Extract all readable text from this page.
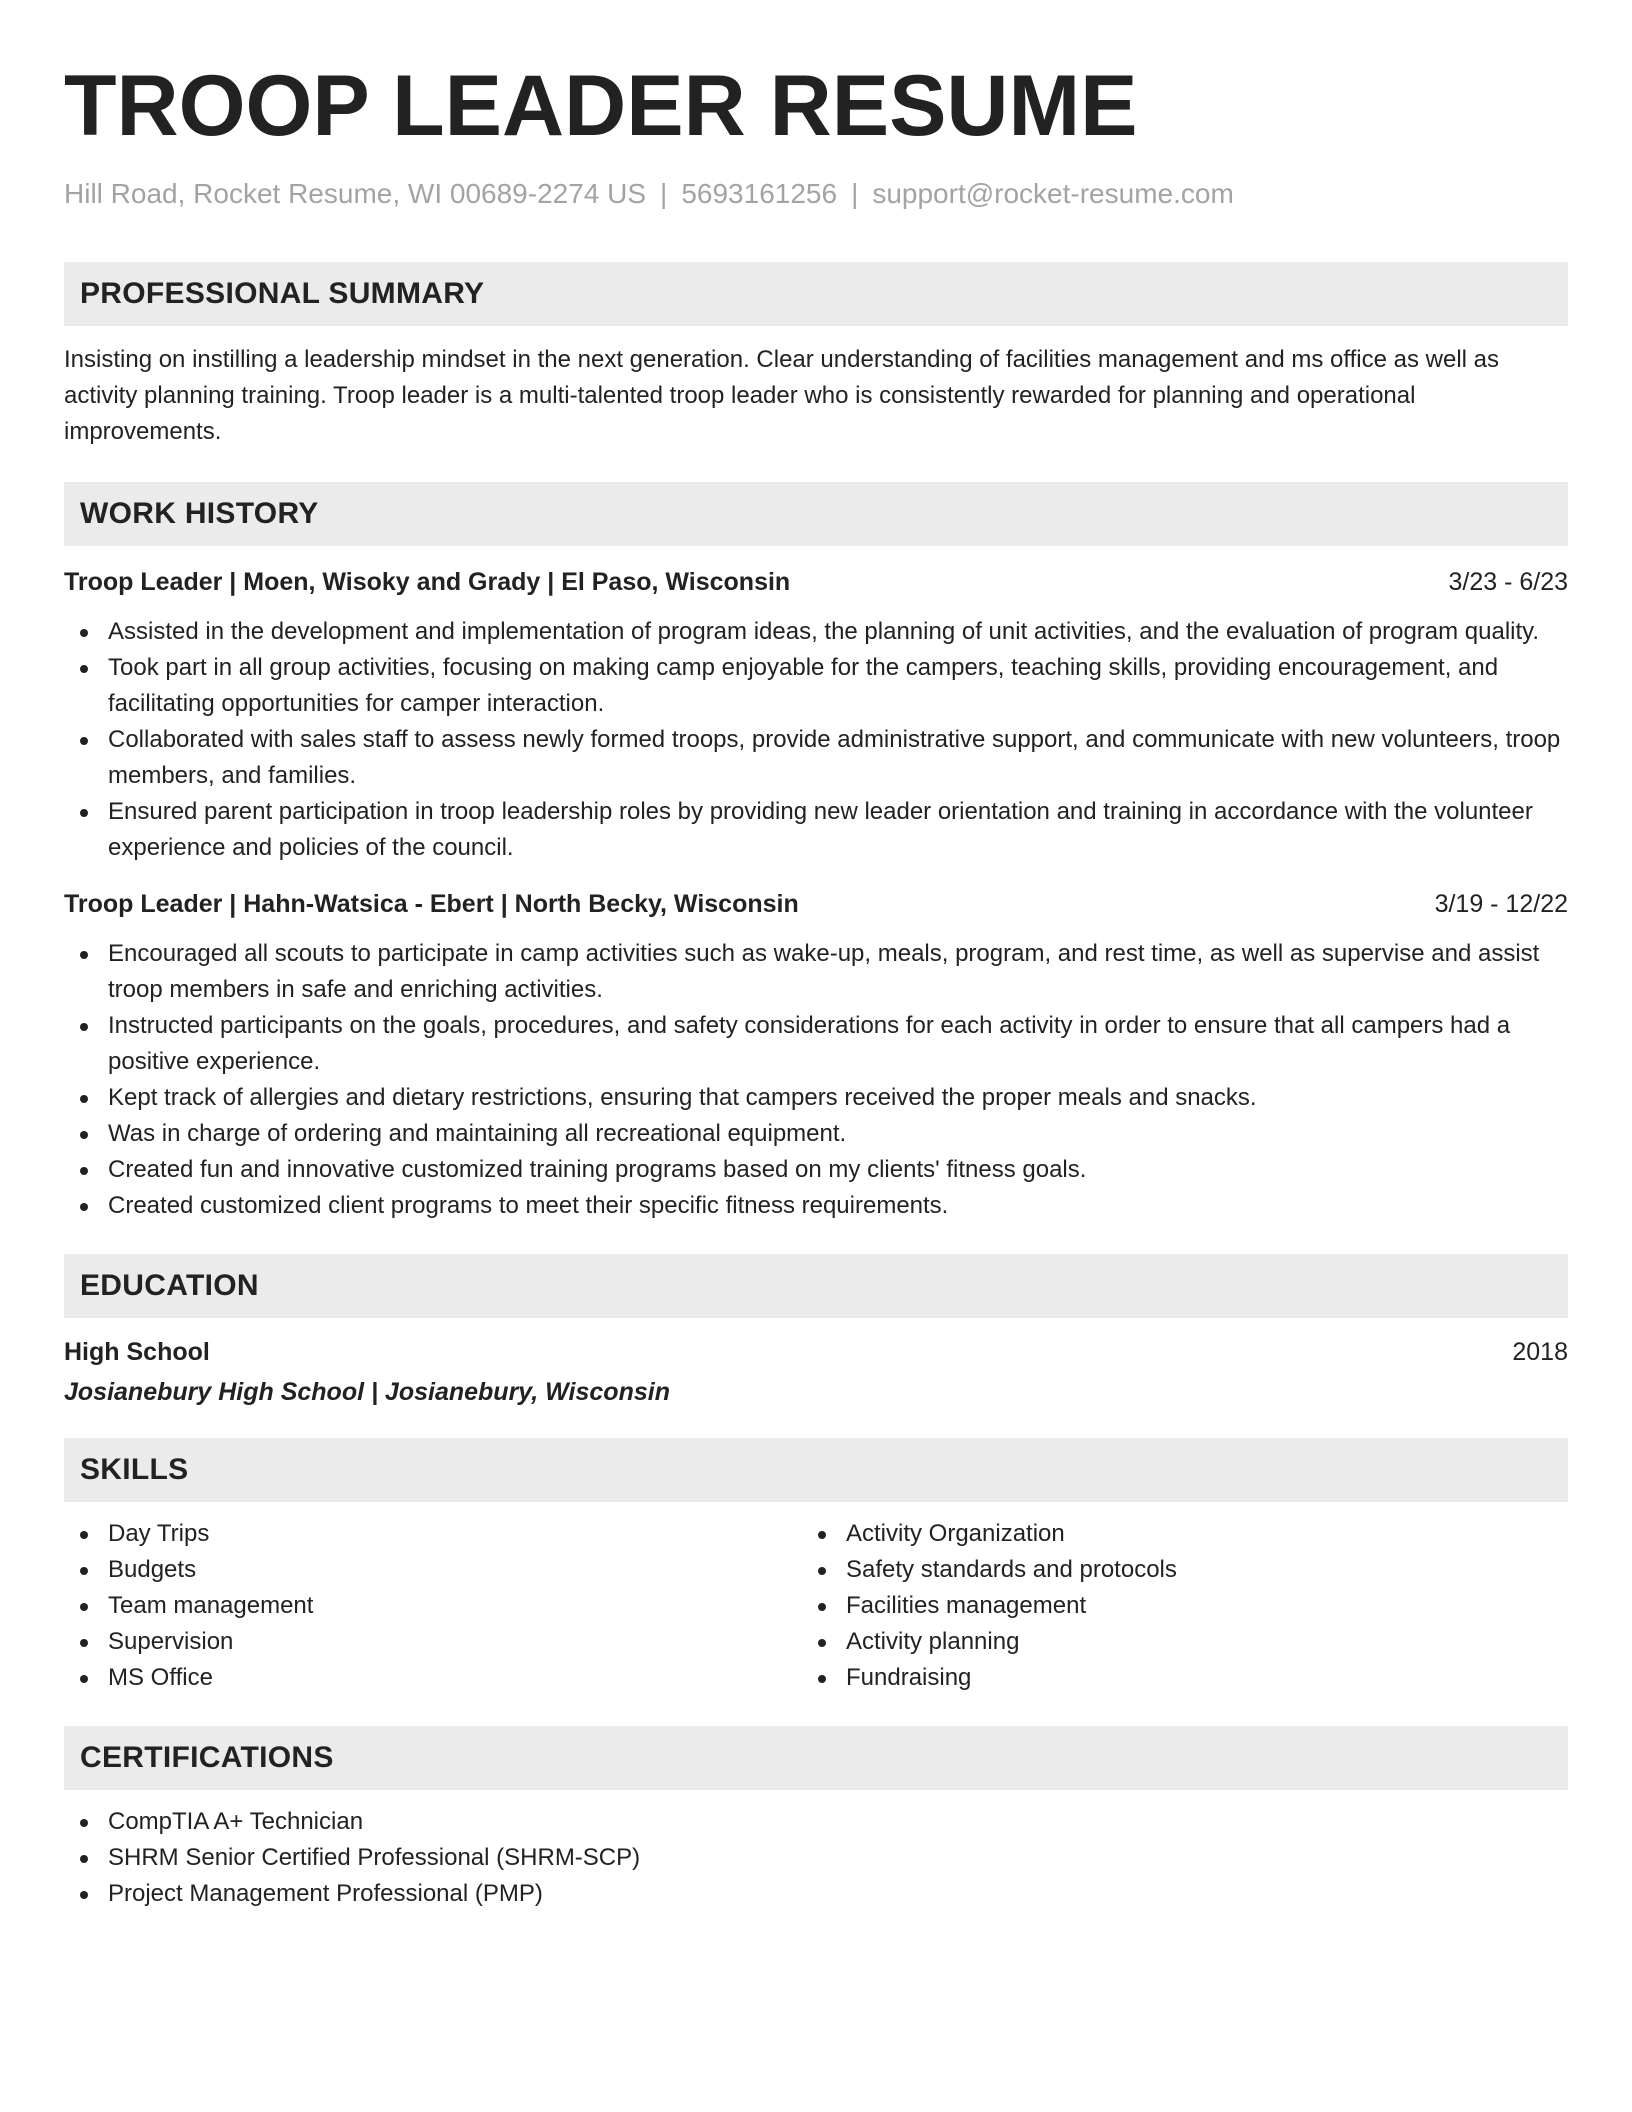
TROOP LEADER RESUME
Hill Road, Rocket Resume, WI 00689-2274 US | 5693161256 | support@rocket-resume.com
PROFESSIONAL SUMMARY
Insisting on instilling a leadership mindset in the next generation. Clear understanding of facilities management and ms office as well as activity planning training. Troop leader is a multi-talented troop leader who is consistently rewarded for planning and operational improvements.
WORK HISTORY
Troop Leader | Moen, Wisoky and Grady | El Paso, Wisconsin	3/23 - 6/23
Assisted in the development and implementation of program ideas, the planning of unit activities, and the evaluation of program quality.
Took part in all group activities, focusing on making camp enjoyable for the campers, teaching skills, providing encouragement, and facilitating opportunities for camper interaction.
Collaborated with sales staff to assess newly formed troops, provide administrative support, and communicate with new volunteers, troop members, and families.
Ensured parent participation in troop leadership roles by providing new leader orientation and training in accordance with the volunteer experience and policies of the council.
Troop Leader | Hahn-Watsica - Ebert | North Becky, Wisconsin	3/19 - 12/22
Encouraged all scouts to participate in camp activities such as wake-up, meals, program, and rest time, as well as supervise and assist troop members in safe and enriching activities.
Instructed participants on the goals, procedures, and safety considerations for each activity in order to ensure that all campers had a positive experience.
Kept track of allergies and dietary restrictions, ensuring that campers received the proper meals and snacks.
Was in charge of ordering and maintaining all recreational equipment.
Created fun and innovative customized training programs based on my clients' fitness goals.
Created customized client programs to meet their specific fitness requirements.
EDUCATION
High School	2018
Josianebury High School | Josianebury, Wisconsin
SKILLS
Day Trips
Budgets
Team management
Supervision
MS Office
Activity Organization
Safety standards and protocols
Facilities management
Activity planning
Fundraising
CERTIFICATIONS
CompTIA A+ Technician
SHRM Senior Certified Professional (SHRM-SCP)
Project Management Professional (PMP)
